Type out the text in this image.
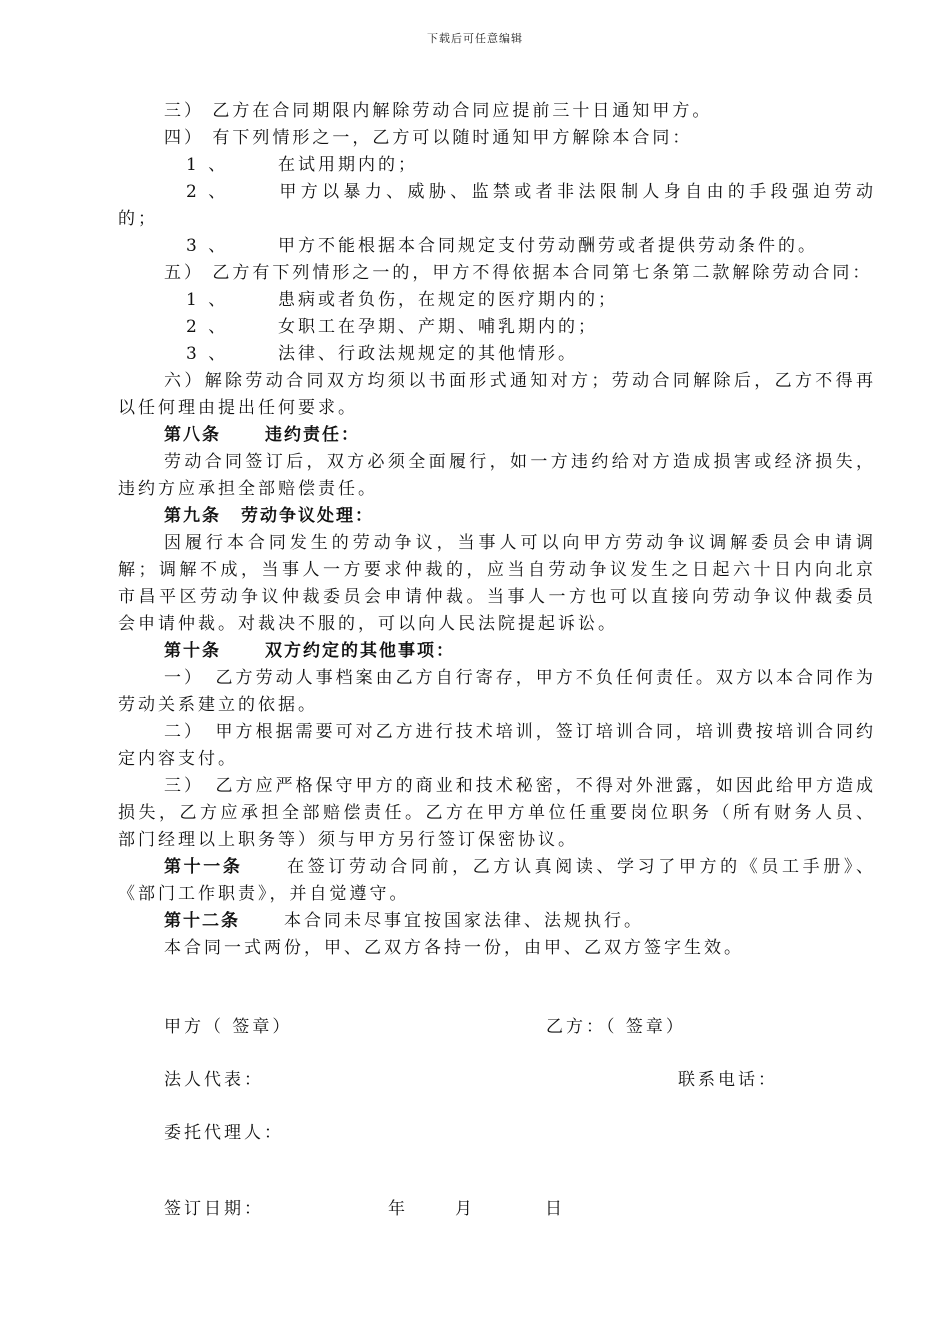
下载后可任意编辑

三） 乙方在合同期限内解除劳动合同应提前三十日通知甲方。

四） 有下列情形之一，乙方可以随时通知甲方解除本合同：

1 、	在试用期内的；

2 、	甲方以暴力、威胁、监禁或者非法限制人身自由的手段强迫劳动的；

3 、	甲方不能根据本合同规定支付劳动酬劳或者提供劳动条件的。

五） 乙方有下列情形之一的，甲方不得依据本合同第七条第二款解除劳动合同：

1 、	患病或者负伤，在规定的医疗期内的；
2 、	女职工在孕期、产期、哺乳期内的；
3 、	法律、行政法规规定的其他情形。

六）解除劳动合同双方均须以书面形式通知对方；劳动合同解除后，乙方不得再以任何理由提出任何要求。

第八条	违约责任：

劳动合同签订后，双方必须全面履行，如一方违约给对方造成损害或经济损失，违约方应承担全部赔偿责任。

第九条 劳动争议处理：

因履行本合同发生的劳动争议，当事人可以向甲方劳动争议调解委员会申请调解；调解不成，当事人一方要求仲裁的，应当自劳动争议发生之日起六十日内向北京市昌平区劳动争议仲裁委员会申请仲裁。当事人一方也可以直接向劳动争议仲裁委员会申请仲裁。对裁决不服的，可以向人民法院提起诉讼。

第十条	双方约定的其他事项：

一）　乙方劳动人事档案由乙方自行寄存，甲方不负任何责任。双方以本合同作为劳动关系建立的依据。

二）　甲方根据需要可对乙方进行技术培训，签订培训合同，培训费按培训合同约定内容支付。

三）　乙方应严格保守甲方的商业和技术秘密，不得对外泄露，如因此给甲方造成损失，乙方应承担全部赔偿责任。乙方在甲方单位任重要岗位职务（所有财务人员、部门经理以上职务等）须与甲方另行签订保密协议。

第十一条	在签订劳动合同前，乙方认真阅读、学习了甲方的《员工手册》、《部门工作职责》，并自觉遵守。

第十二条	本合同未尽事宜按国家法律、法规执行。

本合同一式两份，甲、乙双方各持一份，由甲、乙双方签字生效。

甲方（ 签章）	乙方：（ 签章）
法人代表：	联系电话：
委托代理人：
签订日期：	年	月	日
